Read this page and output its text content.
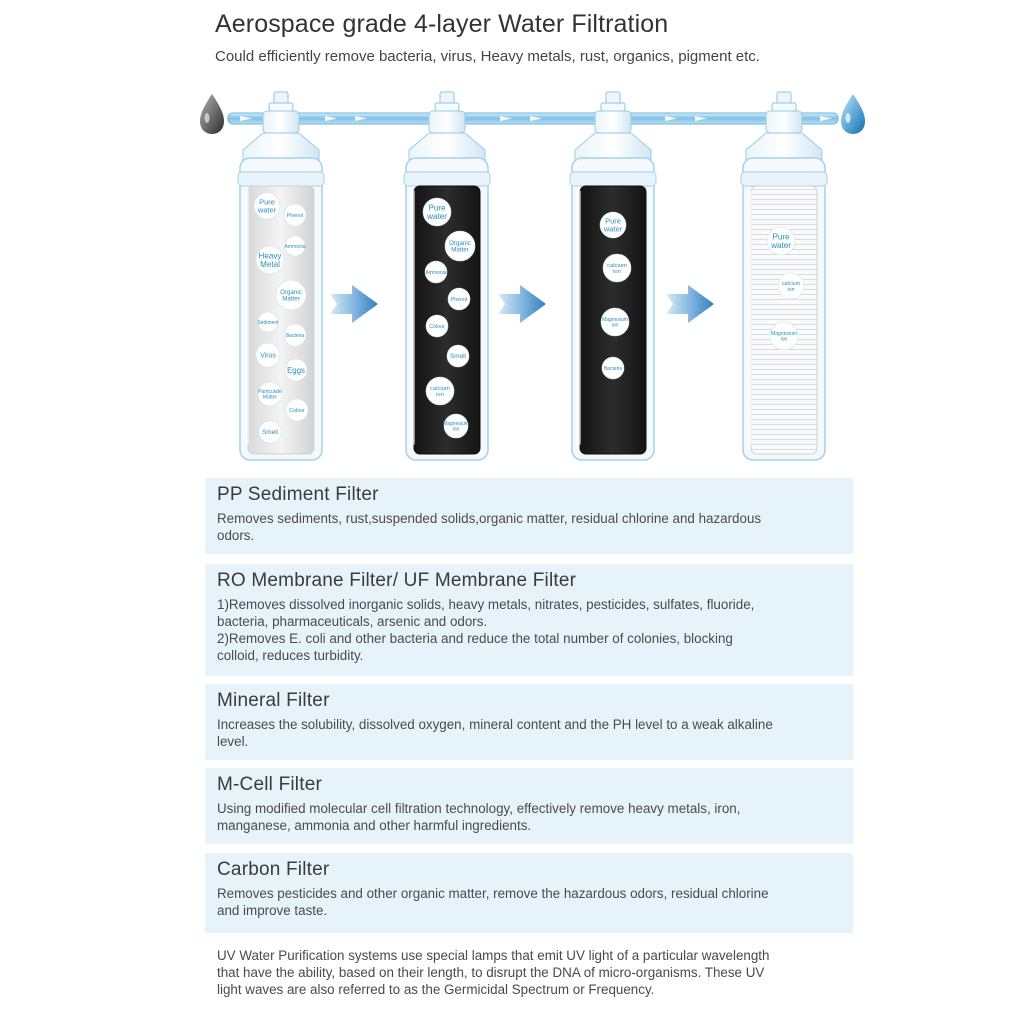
Aerospace grade 4-layer Water Filtration
Could efficiently remove bacteria, virus, Heavy metals, rust, organics, pigment etc.
Pure
water
Phenol
Ammonia
Heavy
Metal
Organic
Matter
Sediment
Bacteria
Virus
Eggs
Particulate
Matter
Colour
Smell
Pure
water
Organic
Matter
Ammonia
Phenol
Colour
Smell
calcium
ion
Magnesium
ion
Pure
water
calcium
ion
Magnesium
ion
Bacteria
Pure
water
calcium
ion
Magnesium
ion
PP Sediment Filter

Removes sediments, rust,suspended solids,organic matter, residual chlorine and hazardous
odors.

RO Membrane Filter/ UF Membrane Filter

1)Removes dissolved inorganic solids, heavy metals, nitrates, pesticides, sulfates, fluoride,
bacteria, pharmaceuticals, arsenic and odors.
2)Removes E. coli and other bacteria and reduce the total number of colonies, blocking
colloid, reduces turbidity.

Mineral Filter

Increases the solubility, dissolved oxygen, mineral content and the PH level to a weak alkaline
level.

M-Cell Filter

Using modified molecular cell filtration technology, effectively remove heavy metals, iron,
manganese, ammonia and other harmful ingredients.

Carbon Filter

Removes pesticides and other organic matter, remove the hazardous odors, residual chlorine
and improve taste.

UV Water Purification systems use special lamps that emit UV light of a particular wavelength
that have the ability, based on their length, to disrupt the DNA of micro-organisms. These UV
light waves are also referred to as the Germicidal Spectrum or Frequency.
